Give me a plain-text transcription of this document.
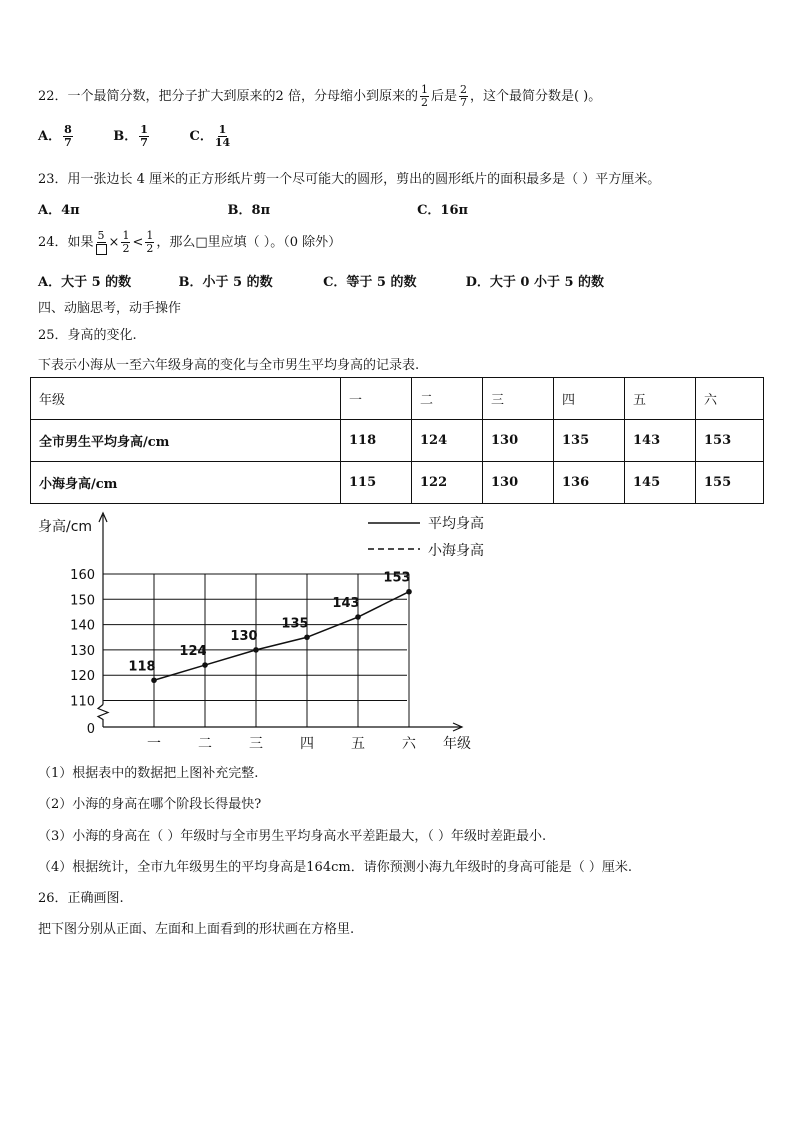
22．一个最简分数，把分子扩大到原来的2 倍，分母缩小到原来的 $\frac{1}{2}$ 后是 $\frac{2}{7}$ ，这个最简分数是( )。
A． $\frac{8}{7}$	B． $\frac{1}{7}$	C． $\frac{1}{14}$
23．用一张边长 4 厘米的正方形纸片剪一个尽可能大的圆形，剪出的圆形纸片的面积最多是（ ）平方厘米。
A．4π	B．8π	C．16π
24．如果 $5 \times \frac{1}{2} < \frac{1}{2}$ ，那么□里应填（ ）。（0 除外）
A．大于 5 的数	B．小于 5 的数	C．等于 5 的数	D．大于 0 小于 5 的数
四、动脑思考，动手操作
25．身高的变化.
下表示小海从一至六年级身高的变化与全市男生平均身高的记录表.
年级	一	二	三	四	五	六
全市男生平均身高/cm	118	124	130	135	143	153
小海身高/cm	115	122	130	136	145	155
身高/cm
年级
平均身高
小海身高
160
150
140
130
120
110
0
一	二	三	四	五	六
118
124
130
135
143
153
（1）根据表中的数据把上图补充完整.
（2）小海的身高在哪个阶段长得最快?
（3）小海的身高在（ ）年级时与全市男生平均身高水平差距最大，（ ）年级时差距最小.
（4）根据统计，全市九年级男生的平均身高是164cm．请你预测小海九年级时的身高可能是（ ）厘米.
26．正确画图.
把下图分别从正面、左面和上面看到的形状画在方格里.
